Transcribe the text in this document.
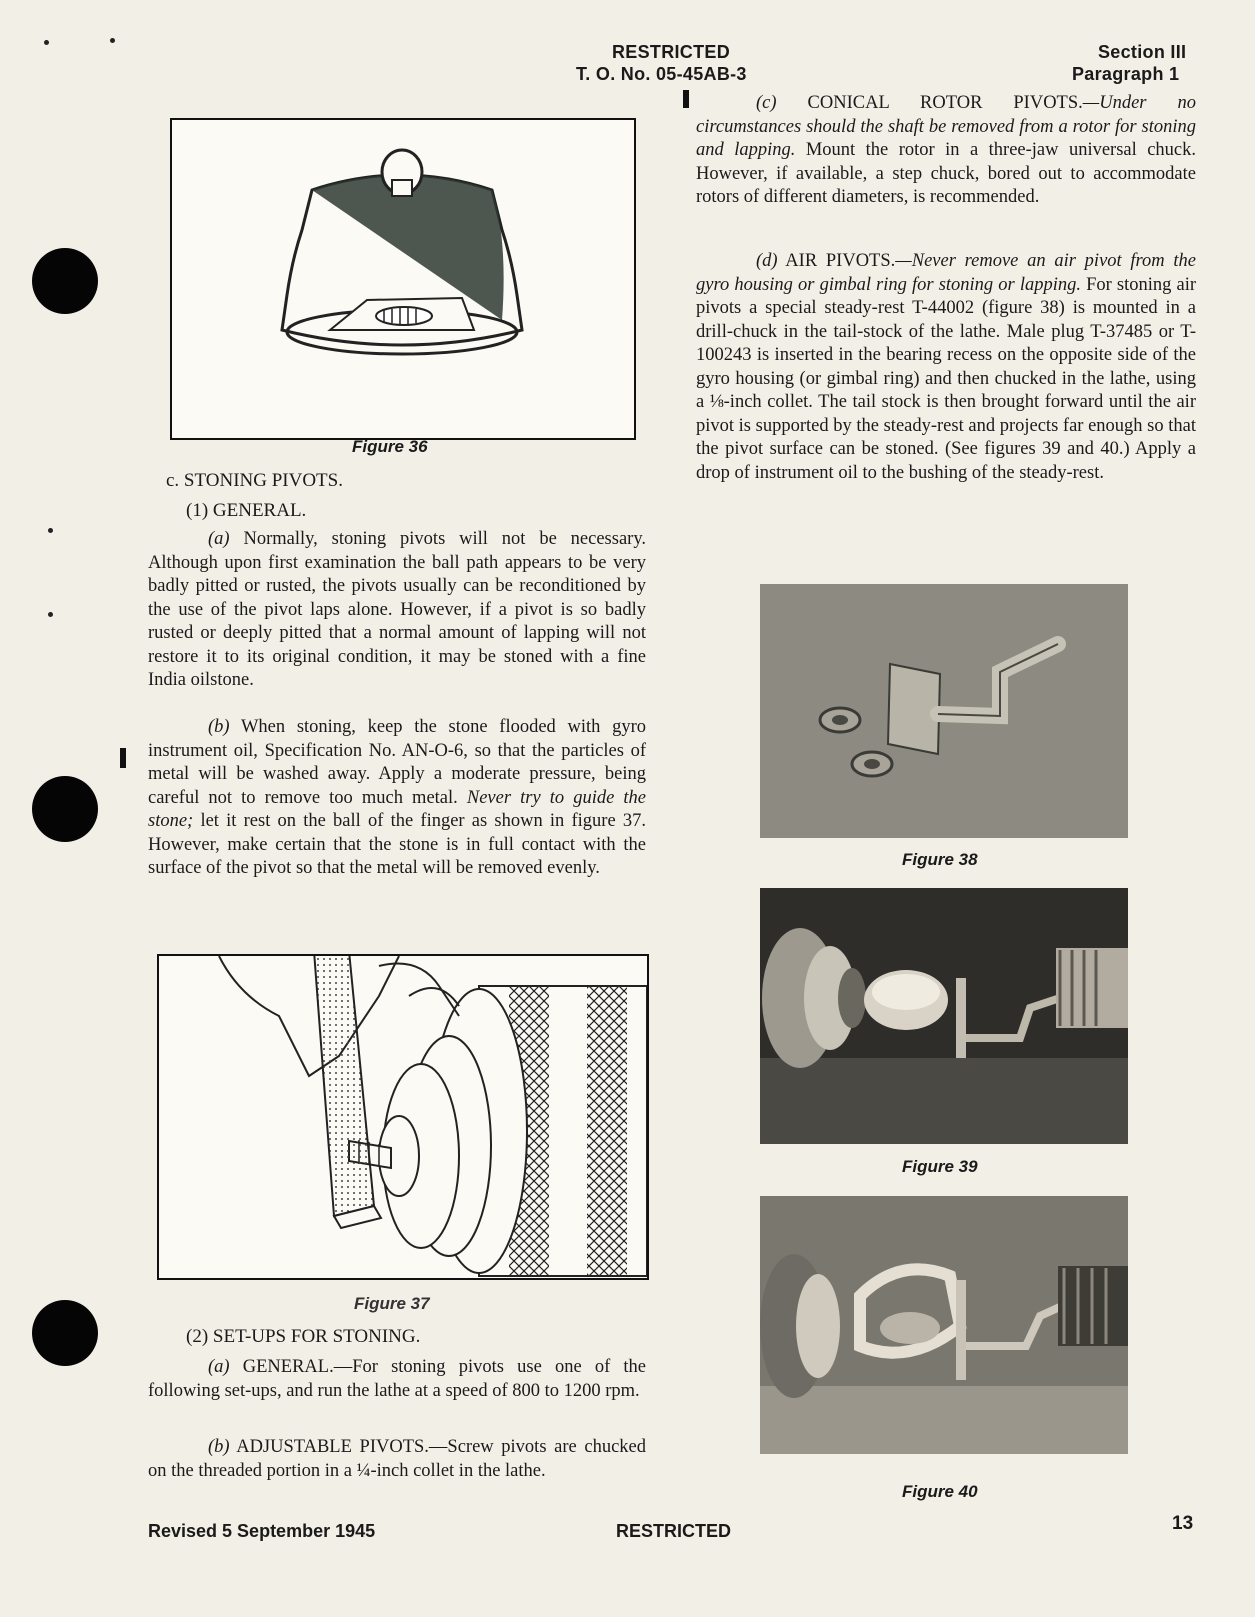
RESTRICTED
T. O. No. 05-45AB-3
Section III
Paragraph 1
Figure 36
c. STONING PIVOTS.
(1) GENERAL.

(a) Normally, stoning pivots will not be necessary. Although upon first examination the ball path appears to be very badly pitted or rusted, the pivots usually can be reconditioned by the use of the pivot laps alone. However, if a pivot is so badly rusted or deeply pitted that a normal amount of lapping will not restore it to its original condition, it may be stoned with a fine India oilstone.

(b) When stoning, keep the stone flooded with gyro instrument oil, Specification No. AN-O-6, so that the particles of metal will be washed away. Apply a moderate pressure, being careful not to remove too much metal. Never try to guide the stone; let it rest on the ball of the finger as shown in figure 37. However, make certain that the stone is in full contact with the surface of the pivot so that the metal will be removed evenly.

Figure 37
(2) SET-UPS FOR STONING.

(a) GENERAL.—For stoning pivots use one of the following set-ups, and run the lathe at a speed of 800 to 1200 rpm.

(b) ADJUSTABLE PIVOTS.—Screw pivots are chucked on the threaded portion in a ¼-inch collet in the lathe.

(c) CONICAL ROTOR PIVOTS.—Under no circumstances should the shaft be removed from a rotor for stoning and lapping. Mount the rotor in a three-jaw universal chuck. However, if available, a step chuck, bored out to accommodate rotors of different diameters, is recommended.

(d) AIR PIVOTS.—Never remove an air pivot from the gyro housing or gimbal ring for stoning or lapping. For stoning air pivots a special steady-rest T-44002 (figure 38) is mounted in a drill-chuck in the tail-stock of the lathe. Male plug T-37485 or T-100243 is inserted in the bearing recess on the opposite side of the gyro housing (or gimbal ring) and then chucked in the lathe, using a ⅛-inch collet. The tail stock is then brought forward until the air pivot is supported by the steady-rest and projects far enough so that the pivot surface can be stoned. (See figures 39 and 40.) Apply a drop of instrument oil to the bushing of the steady-rest.

Figure 38
Figure 39
Figure 40
Revised 5 September 1945	RESTRICTED	13
